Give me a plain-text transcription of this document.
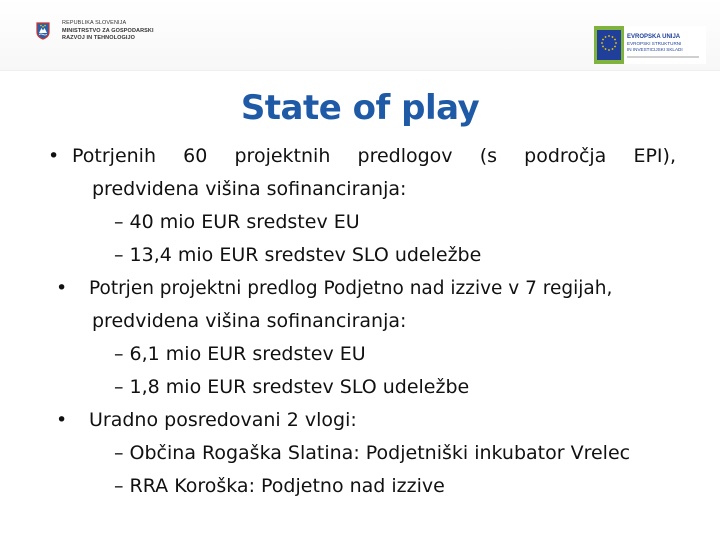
REPUBLIKA SLOVENIJA
MINISTRSTVO ZA GOSPODARSKI
RAZVOJ IN TEHNOLOGIJO	EVROPSKA UNIJA
EVROPSKI STRUKTURNI
IN INVESTICIJSKI SKLADI
State of play
• Potrjenih 60 projektnih predlogov (s področja EPI),
predvidena višina sofinanciranja:
– 40 mio EUR sredstev EU
– 13,4 mio EUR sredstev SLO udeležbe
• Potrjen projektni predlog Podjetno nad izzive v 7 regijah,
predvidena višina sofinanciranja:
– 6,1 mio EUR sredstev EU
– 1,8 mio EUR sredstev SLO udeležbe
• Uradno posredovani 2 vlogi:
– Občina Rogaška Slatina: Podjetniški inkubator Vrelec
– RRA Koroška: Podjetno nad izzive
